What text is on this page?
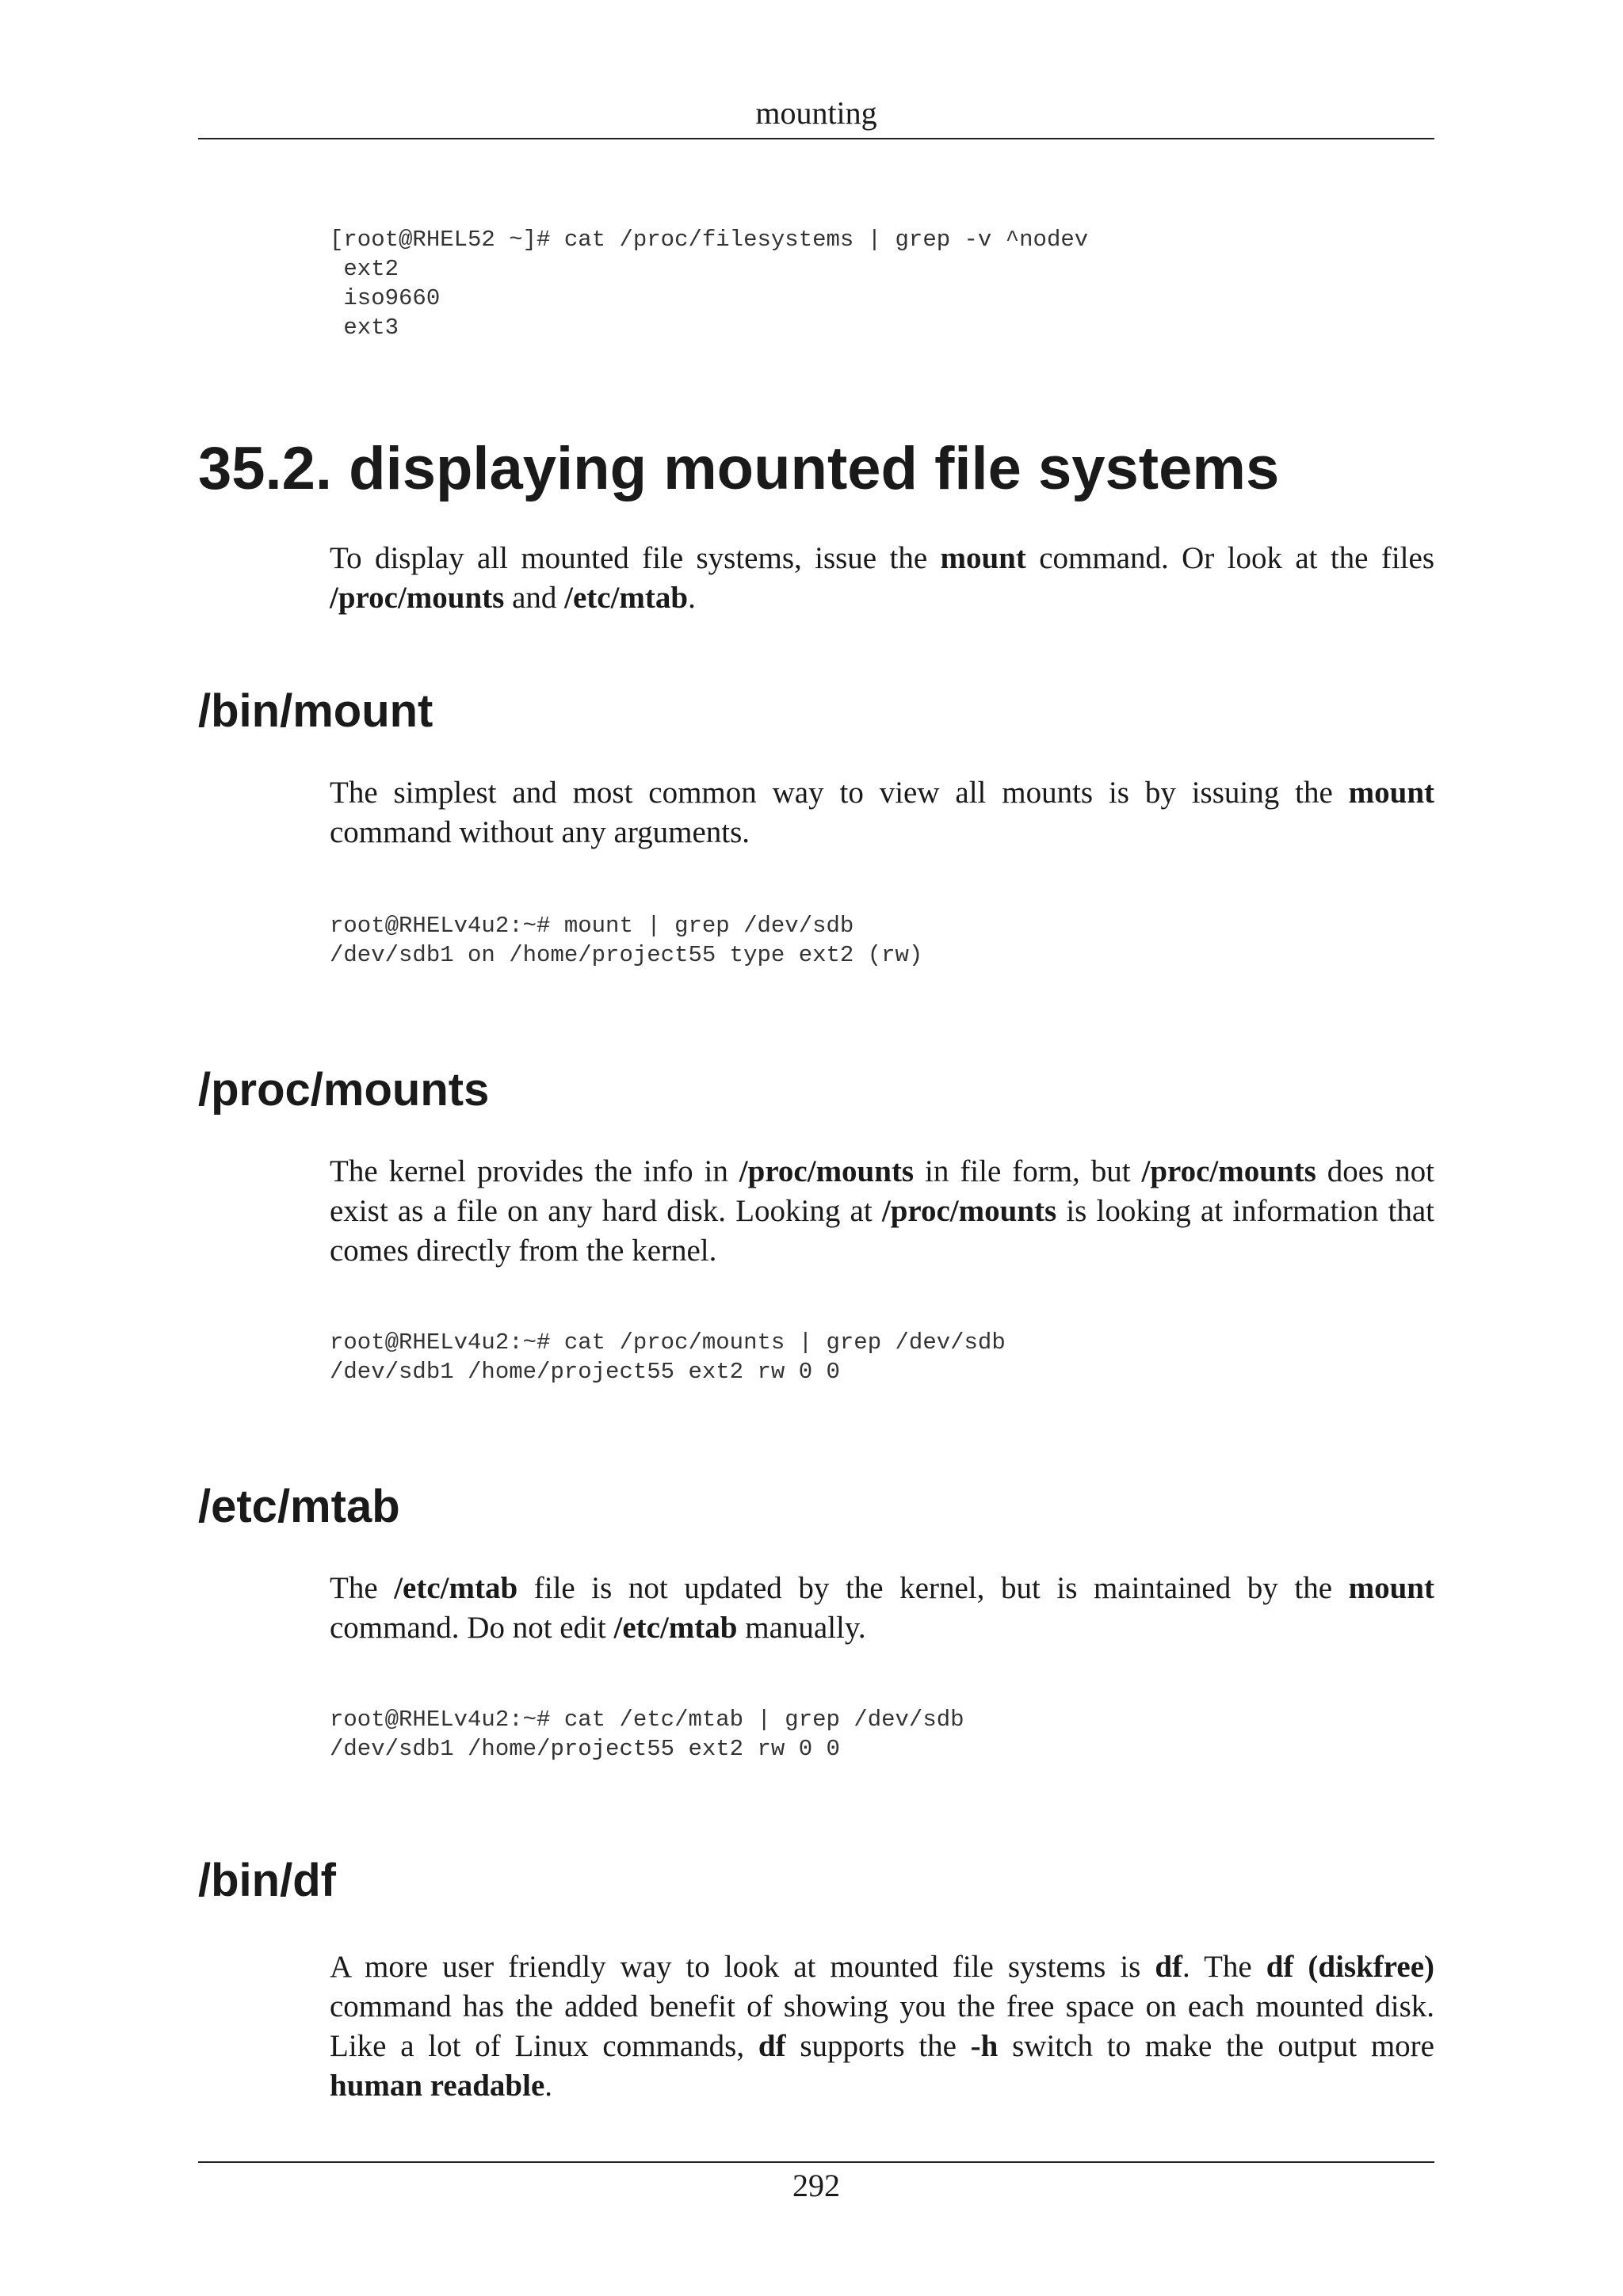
mounting
[root@RHEL52 ~]# cat /proc/filesystems | grep -v ^nodev
ext2
iso9660
ext3
35.2. displaying mounted file systems

To display all mounted file systems, issue the mount command. Or look at the files /proc/mounts and /etc/mtab.

/bin/mount

The simplest and most common way to view all mounts is by issuing the mount command without any arguments.

root@RHELv4u2:~# mount | grep /dev/sdb
/dev/sdb1 on /home/project55 type ext2 (rw)
/proc/mounts

The kernel provides the info in /proc/mounts in file form, but /proc/mounts does not exist as a file on any hard disk. Looking at /proc/mounts is looking at information that comes directly from the kernel.

root@RHELv4u2:~# cat /proc/mounts | grep /dev/sdb
/dev/sdb1 /home/project55 ext2 rw 0 0
/etc/mtab

The /etc/mtab file is not updated by the kernel, but is maintained by the mount command. Do not edit /etc/mtab manually.

root@RHELv4u2:~# cat /etc/mtab | grep /dev/sdb
/dev/sdb1 /home/project55 ext2 rw 0 0
/bin/df

A more user friendly way to look at mounted file systems is df. The df (diskfree) command has the added benefit of showing you the free space on each mounted disk. Like a lot of Linux commands, df supports the -h switch to make the output more human readable.

292
